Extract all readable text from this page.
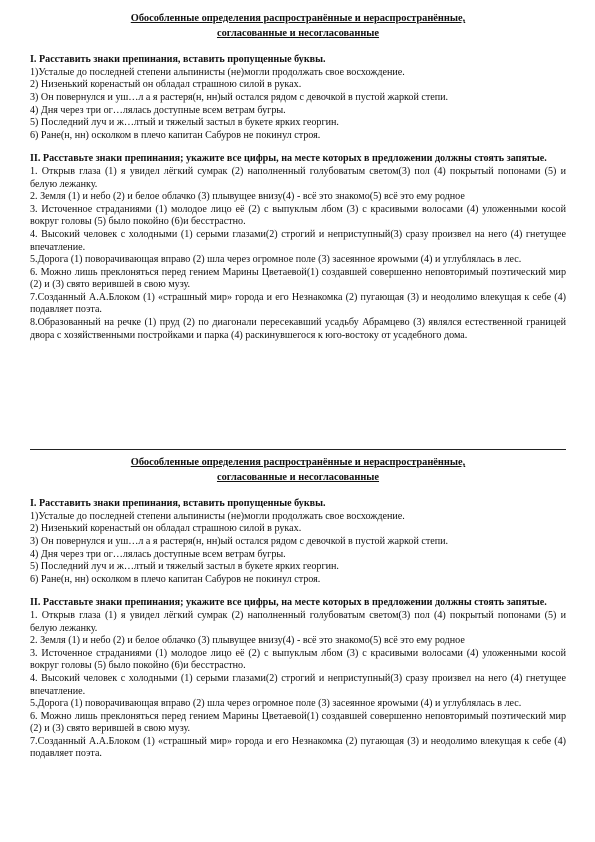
Обособленные определения распространённые и нераспространённые,

согласованные и несогласованные

I. Расставить знаки препинания, вставить пропущенные буквы.

1)Усталые до последней степени альпинисты (не)могли продолжать свое восхождение.

2) Низенький коренастый он обладал страшною силой в руках.

3) Он повернулся и уш…л а я растеря(н, нн)ый остался рядом с девочкой в пустой жаркой степи.

4) Дня через три ог…лялась доступные всем ветрам бугры.

5) Последний луч и ж…лтый и тяжелый застыл в букете ярких георгин.

6) Ране(н, нн) осколком в плечо капитан Сабуров не покинул строя.

II. Расставьте знаки препинания; укажите все цифры, на месте которых в предложении должны стоять запятые.

1. Открыв глаза (1) я увидел лёгкий сумрак (2) наполненный голубоватым светом(3) пол (4) покрытый попонами (5) и белую лежанку.

2. Земля (1) и небо (2) и белое облачко (3) плывущее внизу(4) - всё это знакомо(5) всё это ему родное

3. Источенное страданиями (1) молодое лицо её (2) с выпуклым лбом (3) с красивыми волосами (4) уложенными косой вокруг головы (5) было покойно (6)и бесстрастно.

4. Высокий человек с холодными (1) серыми глазами(2) строгий и неприступный(3) сразу произвел на него (4) гнетущее впечатление.

5.Дорога (1) поворачивающая вправо (2) шла через огромное поле (3) засеянное ярowыми (4) и углублялась в лес.

6. Можно лишь преклоняться перед гением Марины Цветаевой(1) создавшей совершенно неповторимый поэтический мир (2) и (3) свято верившей в свою музу.

7.Созданный А.А.Блоком (1) «страшный мир» города и его Незнакомка (2) пугающая (3) и неодолимо влекущая к себе (4) подавляет поэта.

8.Образованный на речке (1) пруд (2) по диагонали пересекавший усадьбу Абрамцево (3) являлся естественной границей двора с хозяйственными постройками и парка (4) раскинувшегося к юго-востоку от усадебного дома.

Обособленные определения распространённые и нераспространённые,

согласованные и несогласованные

I. Расставить знаки препинания, вставить пропущенные буквы.

1)Усталые до последней степени альпинисты (не)могли продолжать свое восхождение.

2) Низенький коренастый он обладал страшною силой в руках.

3) Он повернулся и уш…л а я растеря(н, нн)ый остался рядом с девочкой в пустой жаркой степи.

4) Дня через три ог…лялась доступные всем ветрам бугры.

5) Последний луч и ж…лтый и тяжелый застыл в букете ярких георгин.

6) Ране(н, нн) осколком в плечо капитан Сабуров не покинул строя.

II. Расставьте знаки препинания; укажите все цифры, на месте которых в предложении должны стоять запятые.

1. Открыв глаза (1) я увидел лёгкий сумрак (2) наполненный голубоватым светом(3) пол (4) покрытый попонами (5) и белую лежанку.

2. Земля (1) и небо (2) и белое облачко (3) плывущее внизу(4) - всё это знакомо(5) всё это ему родное

3. Источенное страданиями (1) молодое лицо её (2) с выпуклым лбом (3) с красивыми волосами (4) уложенными косой вокруг головы (5) было покойно (6)и бесстрастно.

4. Высокий человек с холодными (1) серыми глазами(2) строгий и неприступный(3) сразу произвел на него (4) гнетущее впечатление.

5.Дорога (1) поворачивающая вправо (2) шла через огромное поле (3) засеянное ярowыми (4) и углублялась в лес.

6. Можно лишь преклоняться перед гением Марины Цветаевой(1) создавшей совершенно неповторимый поэтический мир (2) и (3) свято верившей в свою музу.

7.Созданный А.А.Блоком (1) «страшный мир» города и его Незнакомка (2) пугающая (3) и неодолимо влекущая к себе (4) подавляет поэта.
